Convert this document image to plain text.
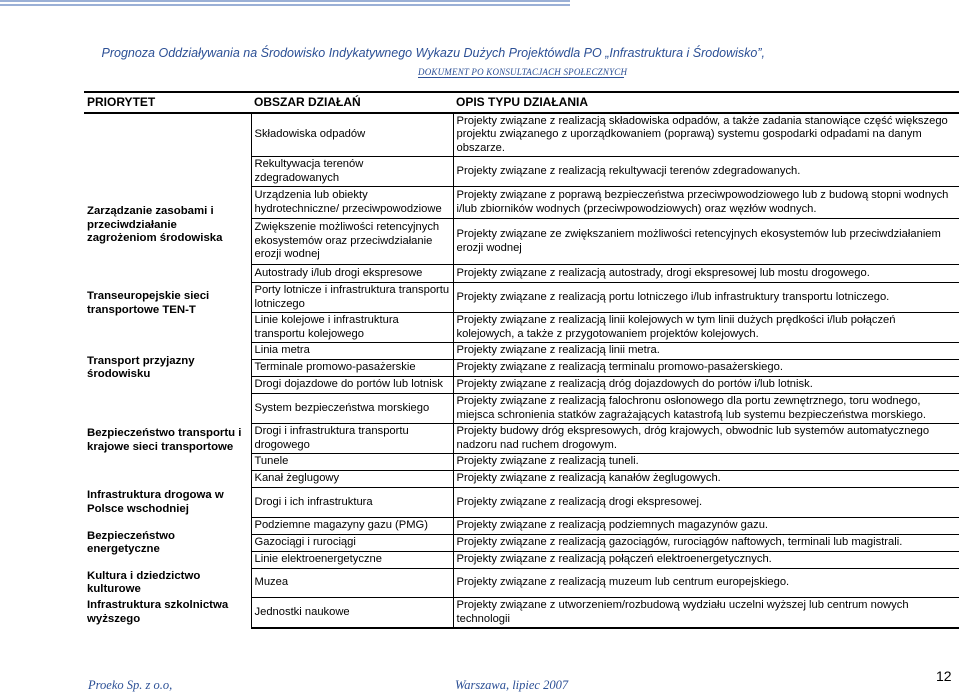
Prognoza Oddziaływania na Środowisko Indykatywnego Wykazu Dużych Projektówdla PO „Infrastruktura i Środowisko”,
DOKUMENT PO KONSULTACJACH SPOŁECZNYCH
PRIORYTET	OBSZAR DZIAŁAŃ	OPIS TYPU DZIAŁANIA
	Składowiska odpadów	Projekty związane z realizacją składowiska odpadów, a także zadania stanowiące część większego projektu związanego z uporządkowaniem (poprawą) systemu gospodarki odpadami na danym obszarze.
	Rekultywacja terenów zdegradowanych	Projekty związane z realizacją rekultywacji terenów zdegradowanych.
Zarządzanie zasobami i przeciwdziałanie zagrożeniom środowiska	Urządzenia lub obiekty hydrotechniczne/ przeciwpowodziowe	Projekty związane z poprawą bezpieczeństwa przeciwpowodziowego lub z budową stopni wodnych i/lub zbiorników wodnych (przeciwpowodziowych) oraz węzłów wodnych.
	Zwiększenie możliwości retencyjnych ekosystemów oraz przeciwdziałanie erozji wodnej	Projekty związane ze zwiększaniem możliwości retencyjnych ekosystemów lub przeciwdziałaniem erozji wodnej
Transeuropejskie sieci transportowe TEN-T	Autostrady i/lub drogi ekspresowe	Projekty związane z realizacją autostrady, drogi ekspresowej lub mostu drogowego.
	Porty lotnicze i infrastruktura transportu lotniczego	Projekty związane z realizacją portu lotniczego i/lub infrastruktury transportu lotniczego.
	Linie kolejowe i infrastruktura transportu kolejowego	Projekty związane z realizacją linii kolejowych w tym linii dużych prędkości i/lub połączeń kolejowych, a także z przygotowaniem projektów kolejowych.
Transport przyjazny środowisku	Linia metra	Projekty związane z realizacją linii metra.
	Terminale promowo-pasażerskie	Projekty związane z realizacją terminalu promowo-pasażerskiego.
	Drogi dojazdowe do portów lub lotnisk	Projekty związane z realizacją dróg dojazdowych do portów i/lub lotnisk.
Bezpieczeństwo transportu i krajowe sieci transportowe	System bezpieczeństwa morskiego	Projekty związane z realizacją falochronu osłonowego dla portu zewnętrznego, toru wodnego, miejsca schronienia statków zagrażających katastrofą lub systemu bezpieczeństwa morskiego.
	Drogi i infrastruktura transportu drogowego	Projekty budowy dróg ekspresowych, dróg krajowych, obwodnic lub systemów automatycznego nadzoru nad ruchem drogowym.
	Tunele	Projekty związane z realizacją tuneli.
	Kanał żeglugowy	Projekty związane z realizacją kanałów żeglugowych.
Infrastruktura drogowa w Polsce wschodniej	Drogi i ich infrastruktura	Projekty związane z realizacją drogi ekspresowej.
Bezpieczeństwo energetyczne	Podziemne magazyny gazu (PMG)	Projekty związane z realizacją podziemnych magazynów gazu.
	Gazociągi i rurociągi	Projekty związane z realizacją gazociągów, rurociągów naftowych, terminali lub magistrali.
	Linie elektroenergetyczne	Projekty związane z realizacją połączeń elektroenergetycznych.
Kultura i dziedzictwo kulturowe	Muzea	Projekty związane z realizacją muzeum lub centrum europejskiego.
Infrastruktura szkolnictwa wyższego	Jednostki naukowe	Projekty związane z utworzeniem/rozbudową wydziału uczelni wyższej lub centrum nowych technologii
Proeko Sp. z o.o,	Warszawa, lipiec 2007
12
